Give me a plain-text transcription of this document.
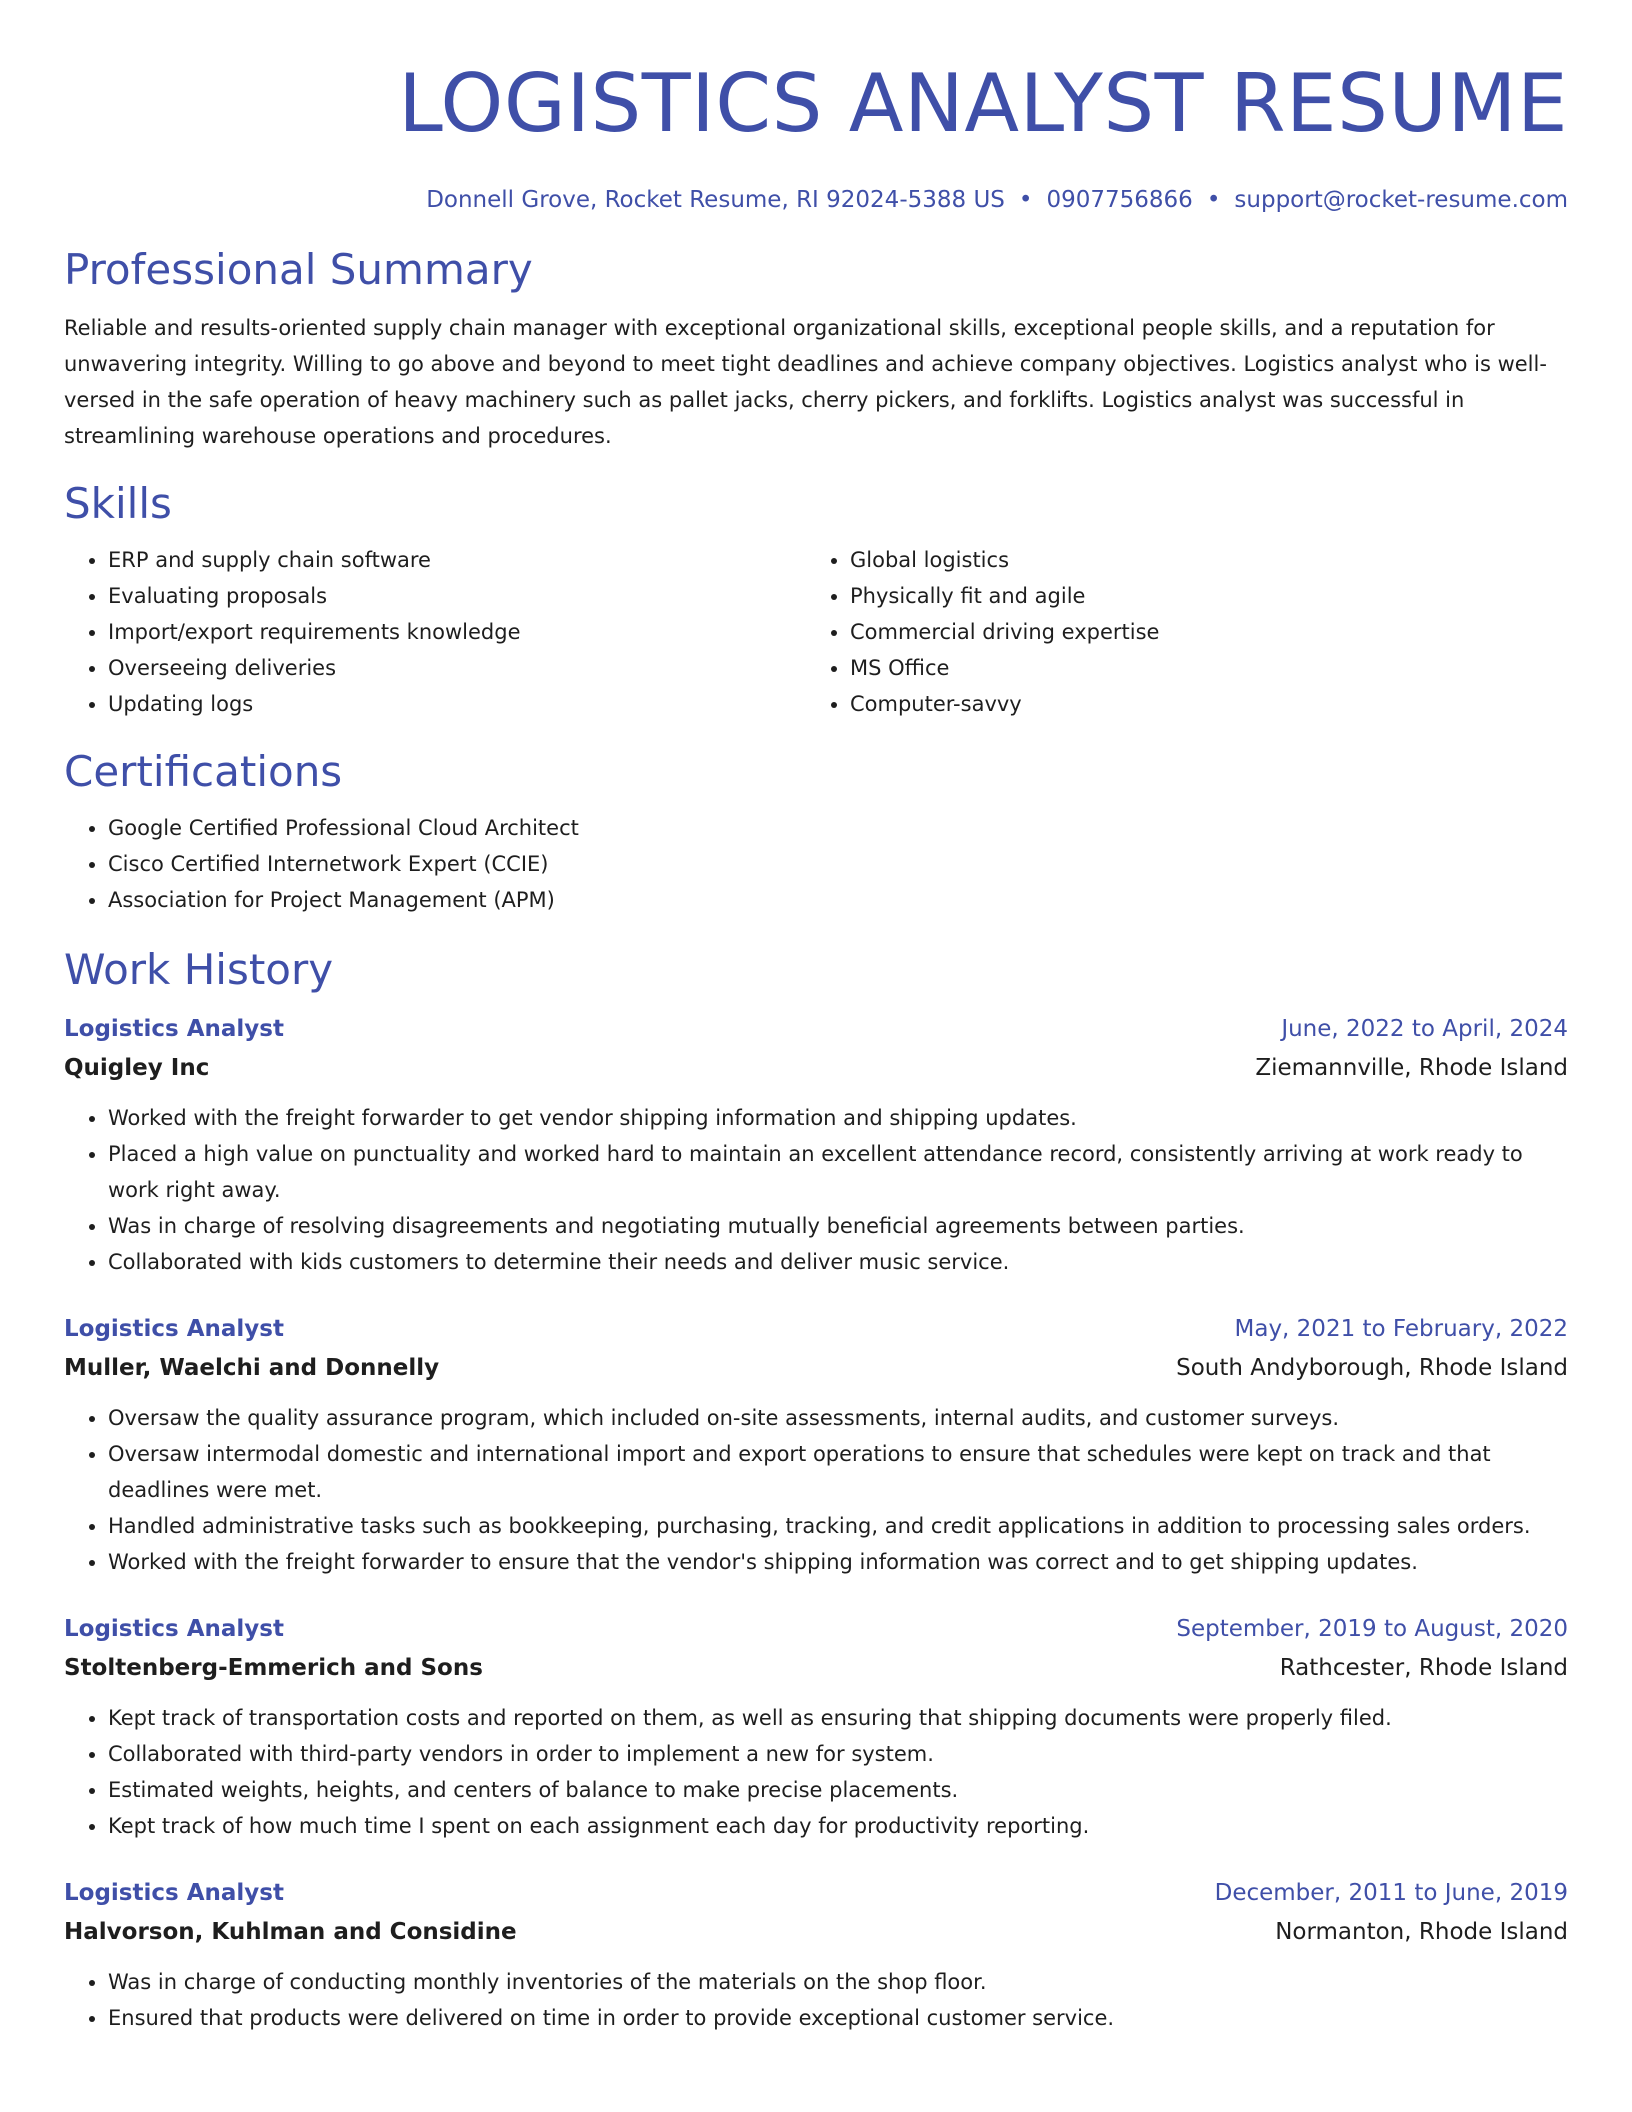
LOGISTICS ANALYST RESUME
Donnell Grove, Rocket Resume, RI 92024-5388 US • 0907756866 • support@rocket-resume.com
Professional Summary

Reliable and results-oriented supply chain manager with exceptional organizational skills, exceptional people skills, and a reputation for unwavering integrity. Willing to go above and beyond to meet tight deadlines and achieve company objectives. Logistics analyst who is well-versed in the safe operation of heavy machinery such as pallet jacks, cherry pickers, and forklifts. Logistics analyst was successful in streamlining warehouse operations and procedures.

Skills
• ERP and supply chain software
• Evaluating proposals
• Import/export requirements knowledge
• Overseeing deliveries
• Updating logs
• Global logistics
• Physically fit and agile
• Commercial driving expertise
• MS Office
• Computer-savvy
Certifications
• Google Certified Professional Cloud Architect
• Cisco Certified Internetwork Expert (CCIE)
• Association for Project Management (APM)
Work History
Logistics Analyst	June, 2022 to April, 2024
Quigley Inc	Ziemannville, Rhode Island
• Worked with the freight forwarder to get vendor shipping information and shipping updates.
• Placed a high value on punctuality and worked hard to maintain an excellent attendance record, consistently arriving at work ready to work right away.
• Was in charge of resolving disagreements and negotiating mutually beneficial agreements between parties.
• Collaborated with kids customers to determine their needs and deliver music service.
Logistics Analyst	May, 2021 to February, 2022
Muller, Waelchi and Donnelly	South Andyborough, Rhode Island
• Oversaw the quality assurance program, which included on-site assessments, internal audits, and customer surveys.
• Oversaw intermodal domestic and international import and export operations to ensure that schedules were kept on track and that deadlines were met.
• Handled administrative tasks such as bookkeeping, purchasing, tracking, and credit applications in addition to processing sales orders.
• Worked with the freight forwarder to ensure that the vendor's shipping information was correct and to get shipping updates.
Logistics Analyst	September, 2019 to August, 2020
Stoltenberg-Emmerich and Sons	Rathcester, Rhode Island
• Kept track of transportation costs and reported on them, as well as ensuring that shipping documents were properly filed.
• Collaborated with third-party vendors in order to implement a new for system.
• Estimated weights, heights, and centers of balance to make precise placements.
• Kept track of how much time I spent on each assignment each day for productivity reporting.
Logistics Analyst	December, 2011 to June, 2019
Halvorson, Kuhlman and Considine	Normanton, Rhode Island
• Was in charge of conducting monthly inventories of the materials on the shop floor.
• Ensured that products were delivered on time in order to provide exceptional customer service.
